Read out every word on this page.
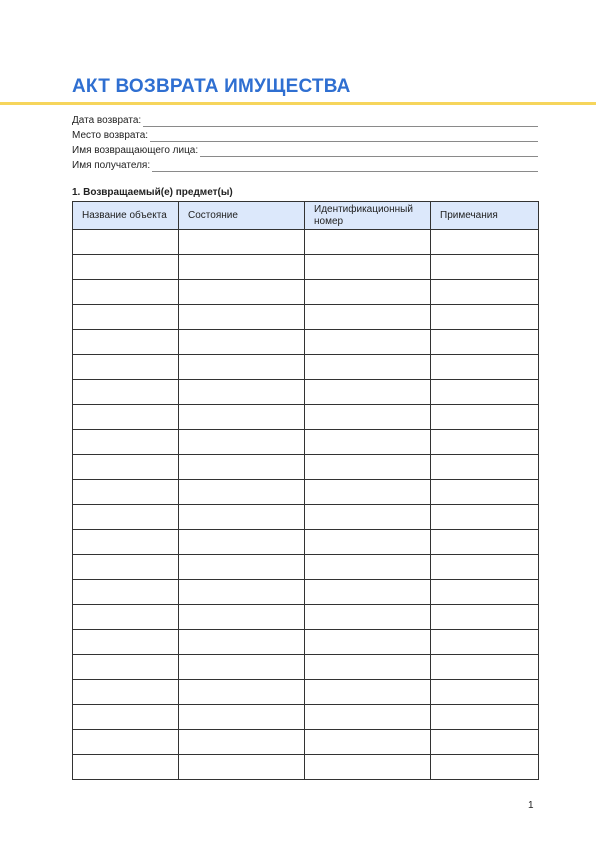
АКТ ВОЗВРАТА ИМУЩЕСТВА
Дата возврата:
Место возврата:
Имя возвращающего лица:
Имя получателя:
1. Возвращаемый(е) предмет(ы)
Название объекта	Состояние	Идентификационный номер	Примечания

1
